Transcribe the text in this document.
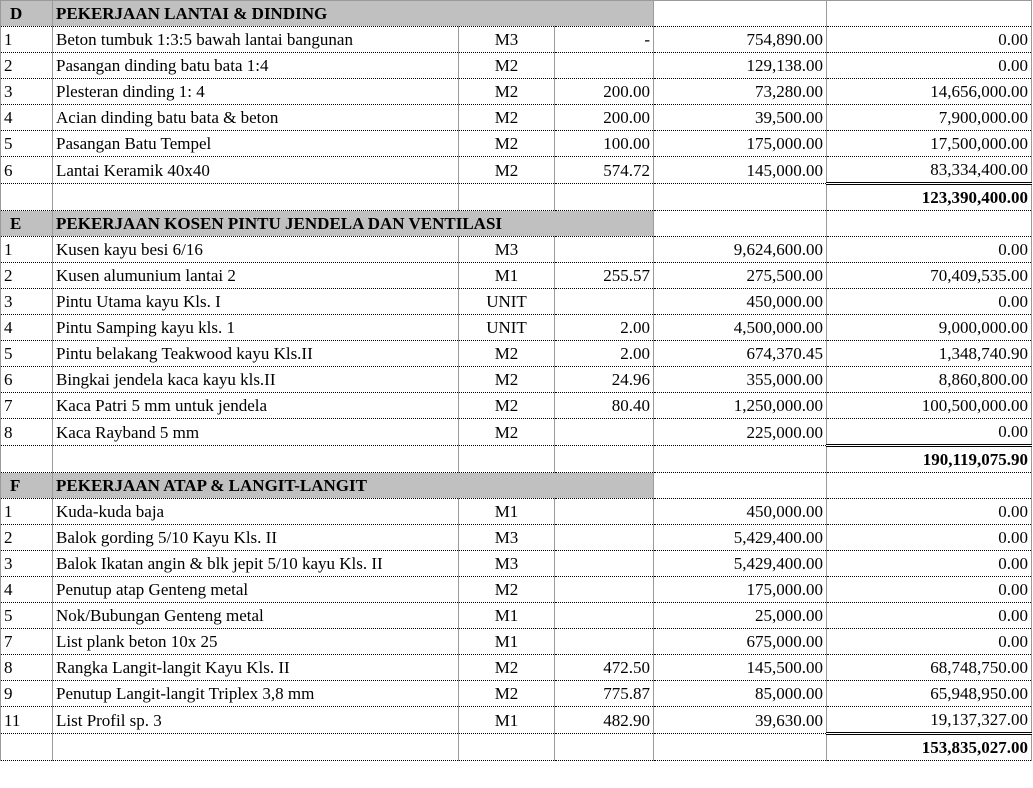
D	PEKERJAAN LANTAI & DINDING				
1	Beton tumbuk 1:3:5 bawah lantai bangunan	M3	-	754,890.00	0.00
2	Pasangan dinding batu bata 1:4	M2		129,138.00	0.00
3	Plesteran dinding 1: 4	M2	200.00	73,280.00	14,656,000.00
4	Acian dinding batu bata & beton	M2	200.00	39,500.00	7,900,000.00
5	Pasangan Batu Tempel	M2	100.00	175,000.00	17,500,000.00
6	Lantai Keramik 40x40	M2	574.72	145,000.00	83,334,400.00
					123,390,400.00
E	PEKERJAAN KOSEN PINTU JENDELA DAN VENTILASI				
1	Kusen kayu besi 6/16	M3		9,624,600.00	0.00
2	Kusen alumunium lantai 2	M1	255.57	275,500.00	70,409,535.00
3	Pintu Utama kayu Kls. I	UNIT		450,000.00	0.00
4	Pintu Samping kayu kls. 1	UNIT	2.00	4,500,000.00	9,000,000.00
5	Pintu belakang Teakwood kayu Kls.II	M2	2.00	674,370.45	1,348,740.90
6	Bingkai jendela kaca kayu kls.II	M2	24.96	355,000.00	8,860,800.00
7	Kaca Patri 5 mm untuk jendela	M2	80.40	1,250,000.00	100,500,000.00
8	Kaca Rayband 5 mm	M2		225,000.00	0.00
					190,119,075.90
F	PEKERJAAN ATAP & LANGIT-LANGIT				
1	Kuda-kuda baja	M1		450,000.00	0.00
2	Balok gording 5/10 Kayu Kls. II	M3		5,429,400.00	0.00
3	Balok Ikatan angin & blk jepit 5/10 kayu Kls. II	M3		5,429,400.00	0.00
4	Penutup atap Genteng metal	M2		175,000.00	0.00
5	Nok/Bubungan Genteng metal	M1		25,000.00	0.00
7	List plank beton 10x 25	M1		675,000.00	0.00
8	Rangka Langit-langit Kayu Kls. II	M2	472.50	145,500.00	68,748,750.00
9	Penutup Langit-langit Triplex 3,8 mm	M2	775.87	85,000.00	65,948,950.00
11	List Profil sp. 3	M1	482.90	39,630.00	19,137,327.00
					153,835,027.00
